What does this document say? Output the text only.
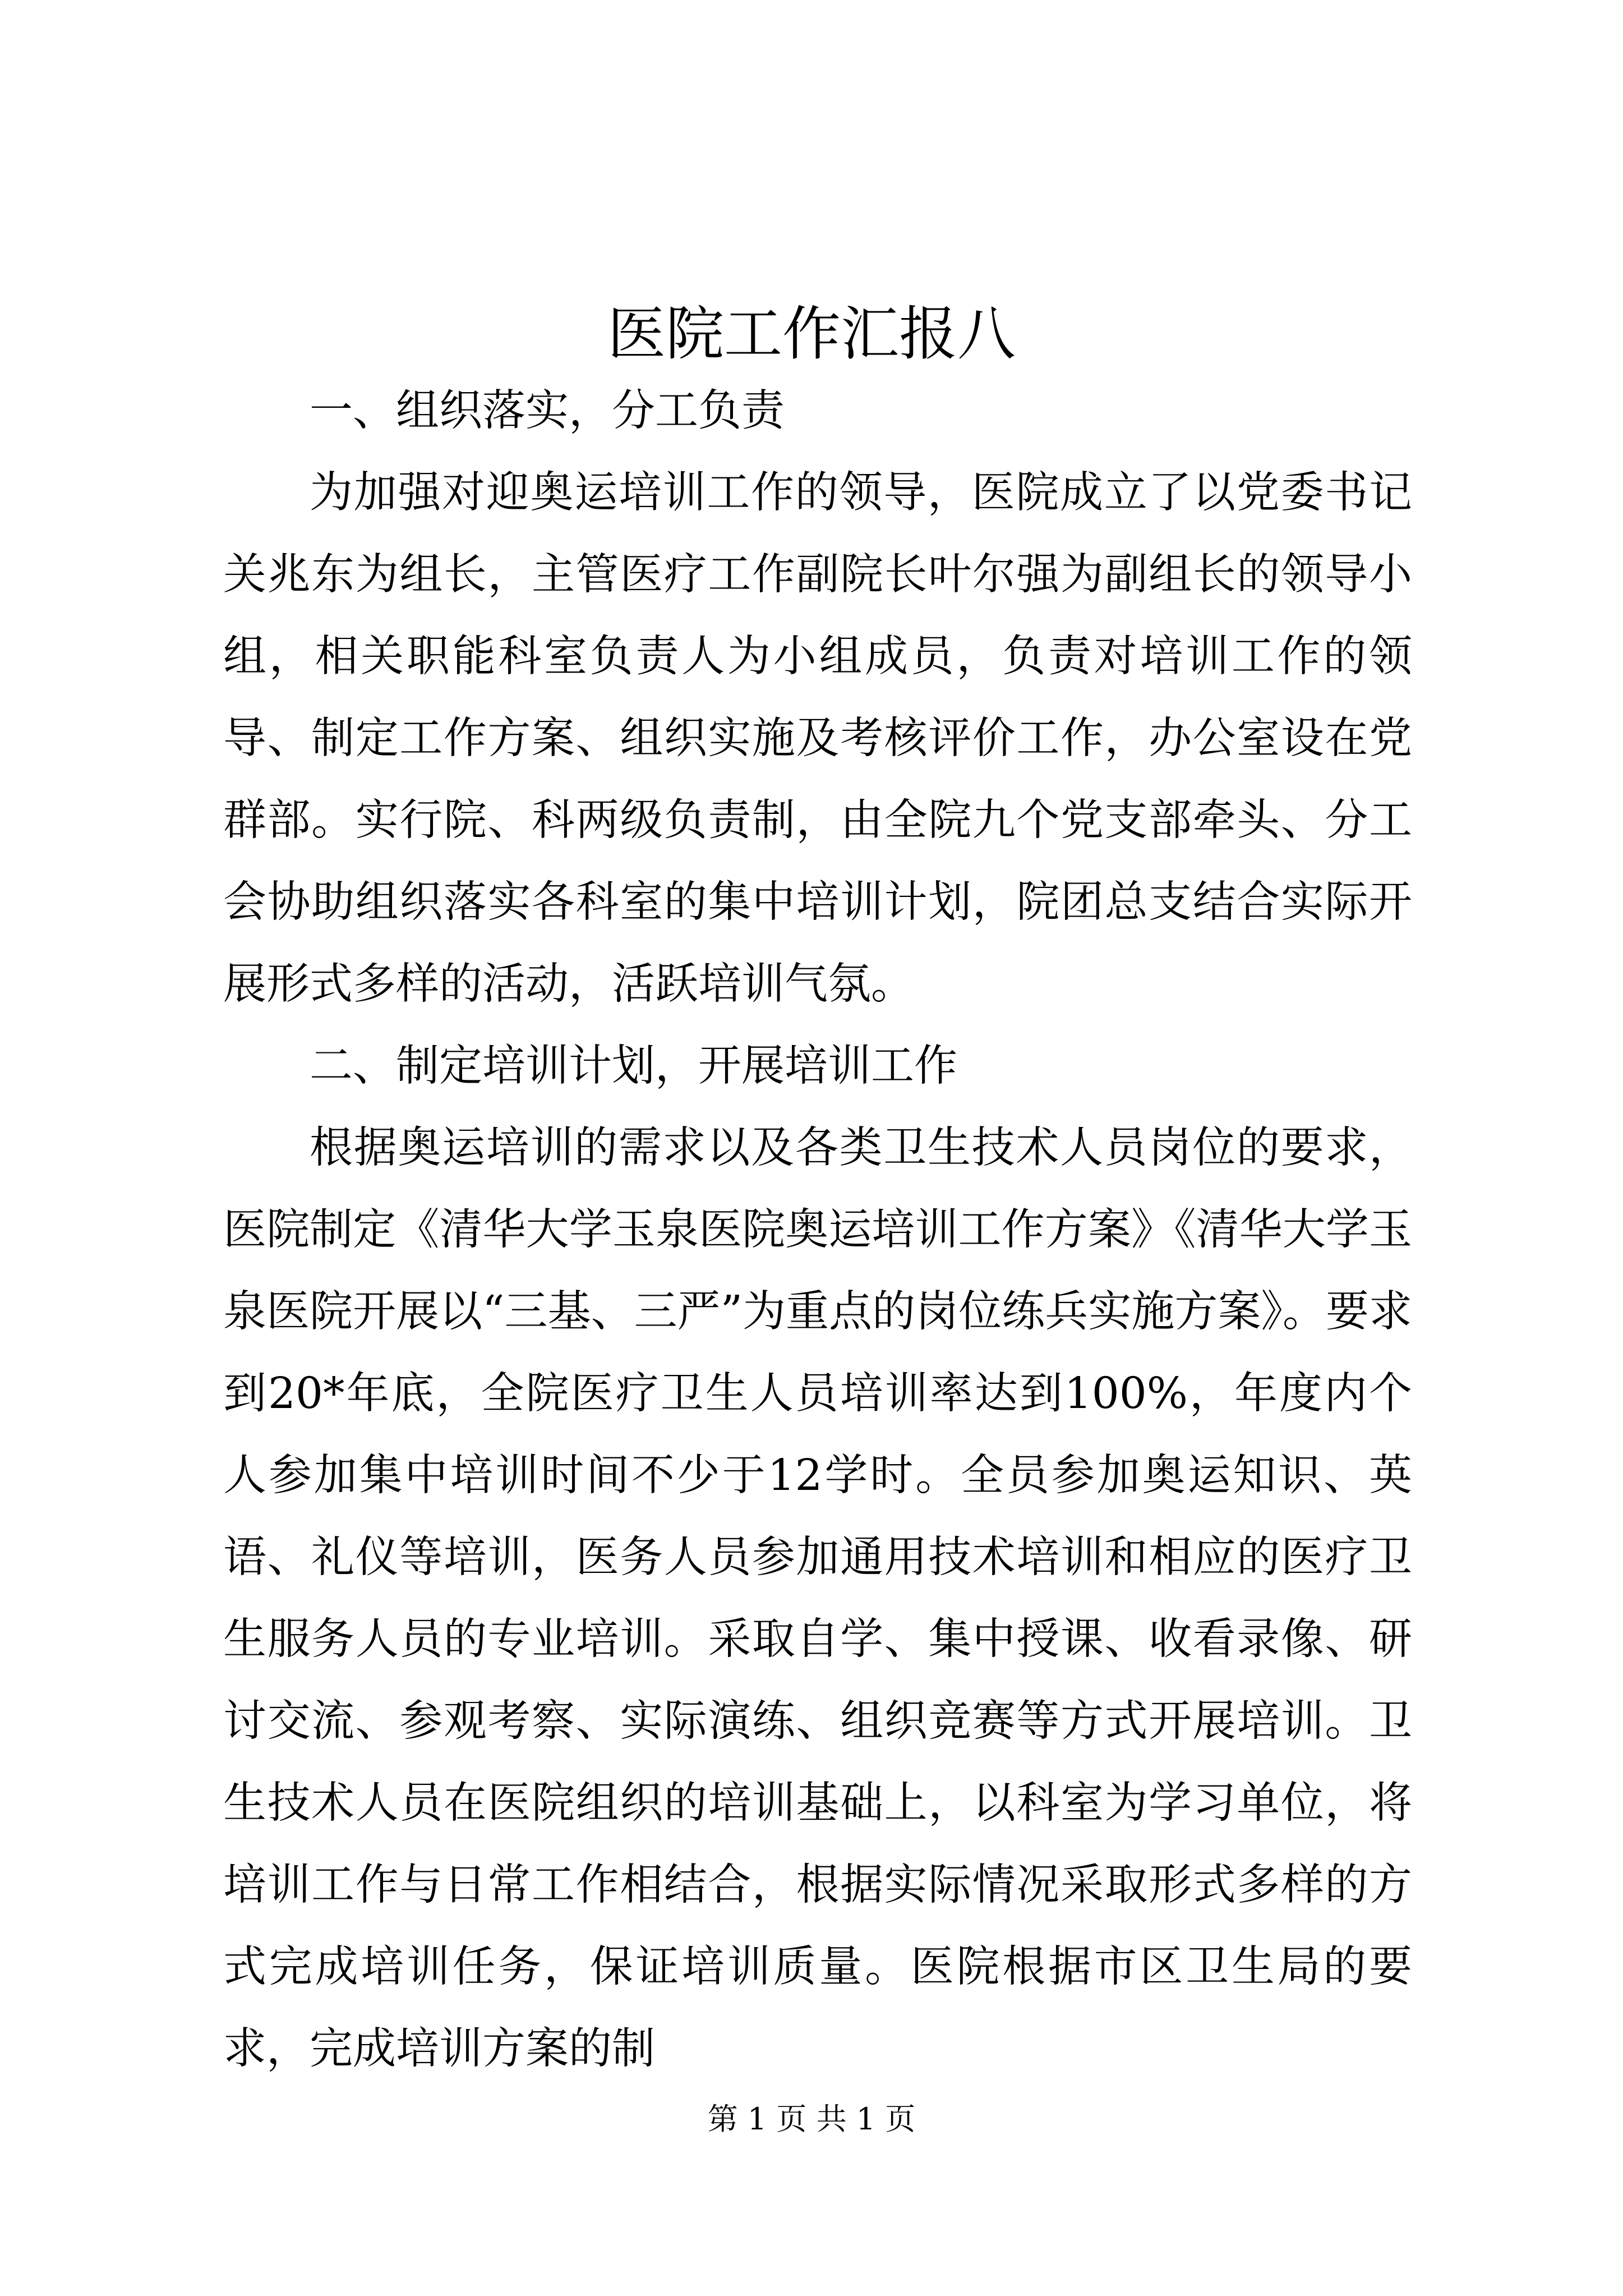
医院工作汇报八

一、组织落实，分工负责

为加强对迎奥运培训工作的领导，医院成立了以党委书记关兆东为组长，主管医疗工作副院长叶尔强为副组长的领导小组，相关职能科室负责人为小组成员，负责对培训工作的领导、制定工作方案、组织实施及考核评价工作，办公室设在党群部。实行院、科两级负责制，由全院九个党支部牵头、分工会协助组织落实各科室的集中培训计划，院团总支结合实际开展形式多样的活动，活跃培训气氛。

二、制定培训计划，开展培训工作

根据奥运培训的需求以及各类卫生技术人员岗位的要求，医院制定《清华大学玉泉医院奥运培训工作方案》《清华大学玉泉医院开展以“三基、三严”为重点的岗位练兵实施方案》。要求到20*年底，全院医疗卫生人员培训率达到100%，年度内个人参加集中培训时间不少于12学时。全员参加奥运知识、英语、礼仪等培训，医务人员参加通用技术培训和相应的医疗卫生服务人员的专业培训。采取自学、集中授课、收看录像、研讨交流、参观考察、实际演练、组织竞赛等方式开展培训。卫生技术人员在医院组织的培训基础上，以科室为学习单位，将培训工作与日常工作相结合，根据实际情况采取形式多样的方式完成培训任务，保证培训质量。医院根据市区卫生局的要求，完成培训方案的制

第 1 页 共 1 页
